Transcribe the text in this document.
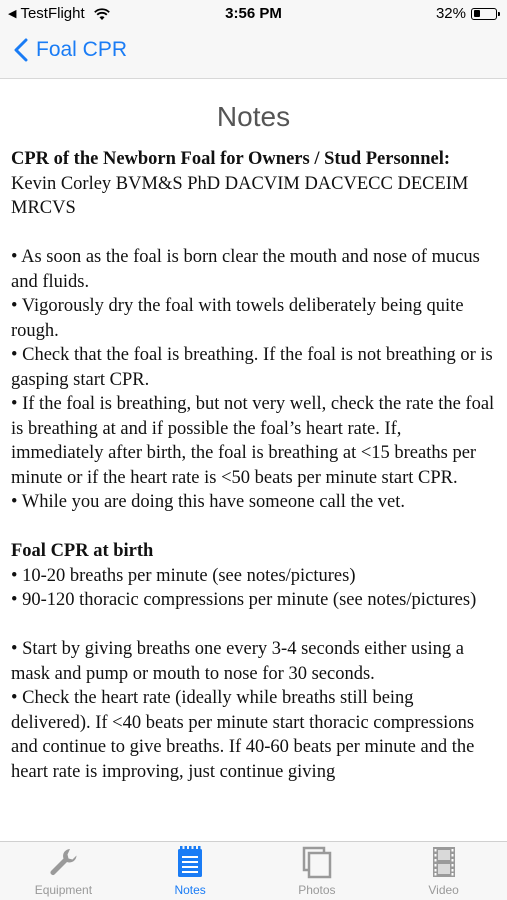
◀ TestFlight	3:56 PM	32%
Foal CPR
Notes

CPR of the Newborn Foal for Owners / Stud Personnel:

Kevin Corley BVM&S PhD DACVIM DACVECC DECEIM MRCVS

• As soon as the foal is born clear the mouth and nose of mucus and fluids.

• Vigorously dry the foal with towels deliberately being quite rough.

• Check that the foal is breathing. If the foal is not breathing or is gasping start CPR.

• If the foal is breathing, but not very well, check the rate the foal is breathing at and if possible the foal’s heart rate. If, immediately after birth, the foal is breathing at <15 breaths per minute or if the heart rate is <50 beats per minute start CPR.

• While you are doing this have someone call the vet.

Foal CPR at birth

• 10-20 breaths per minute (see notes/pictures)

• 90-120 thoracic compressions per minute (see notes/pictures)

• Start by giving breaths one every 3-4 seconds either using a mask and pump or mouth to nose for 30 seconds.

• Check the heart rate (ideally while breaths still being delivered). If <40 beats per minute start thoracic compressions and continue to give breaths. If 40-60 beats per minute and the heart rate is improving, just continue giving

Equipment	Notes	Photos	Video
